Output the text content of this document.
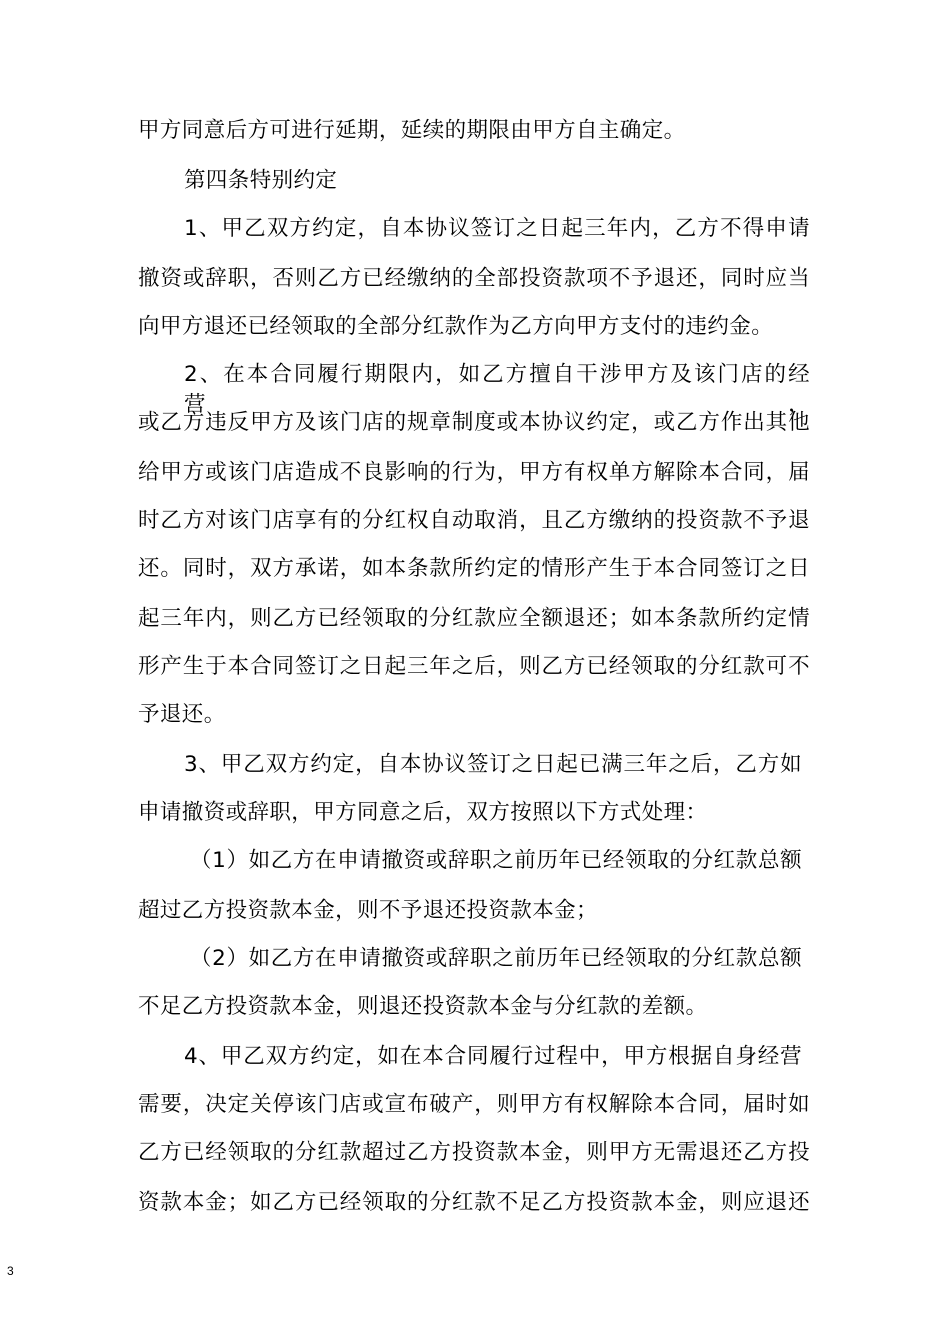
甲方同意后方可进行延期，延续的期限由甲方自主确定。
第四条特别约定
1、甲乙双方约定，自本协议签订之日起三年内，乙方不得申请
撤资或辞职，否则乙方已经缴纳的全部投资款项不予退还，同时应当
向甲方退还已经领取的全部分红款作为乙方向甲方支付的违约金。
2、在本合同履行期限内，如乙方擅自干涉甲方及该门店的经营，
或乙方违反甲方及该门店的规章制度或本协议约定，或乙方作出其他
给甲方或该门店造成不良影响的行为，甲方有权单方解除本合同，届
时乙方对该门店享有的分红权自动取消，且乙方缴纳的投资款不予退
还。同时，双方承诺，如本条款所约定的情形产生于本合同签订之日
起三年内，则乙方已经领取的分红款应全额退还；如本条款所约定情
形产生于本合同签订之日起三年之后，则乙方已经领取的分红款可不
予退还。
3、甲乙双方约定，自本协议签订之日起已满三年之后，乙方如
申请撤资或辞职，甲方同意之后，双方按照以下方式处理：
（1）如乙方在申请撤资或辞职之前历年已经领取的分红款总额
超过乙方投资款本金，则不予退还投资款本金；
（2）如乙方在申请撤资或辞职之前历年已经领取的分红款总额
不足乙方投资款本金，则退还投资款本金与分红款的差额。
4、甲乙双方约定，如在本合同履行过程中，甲方根据自身经营
需要，决定关停该门店或宣布破产，则甲方有权解除本合同，届时如
乙方已经领取的分红款超过乙方投资款本金，则甲方无需退还乙方投
资款本金；如乙方已经领取的分红款不足乙方投资款本金，则应退还
3
